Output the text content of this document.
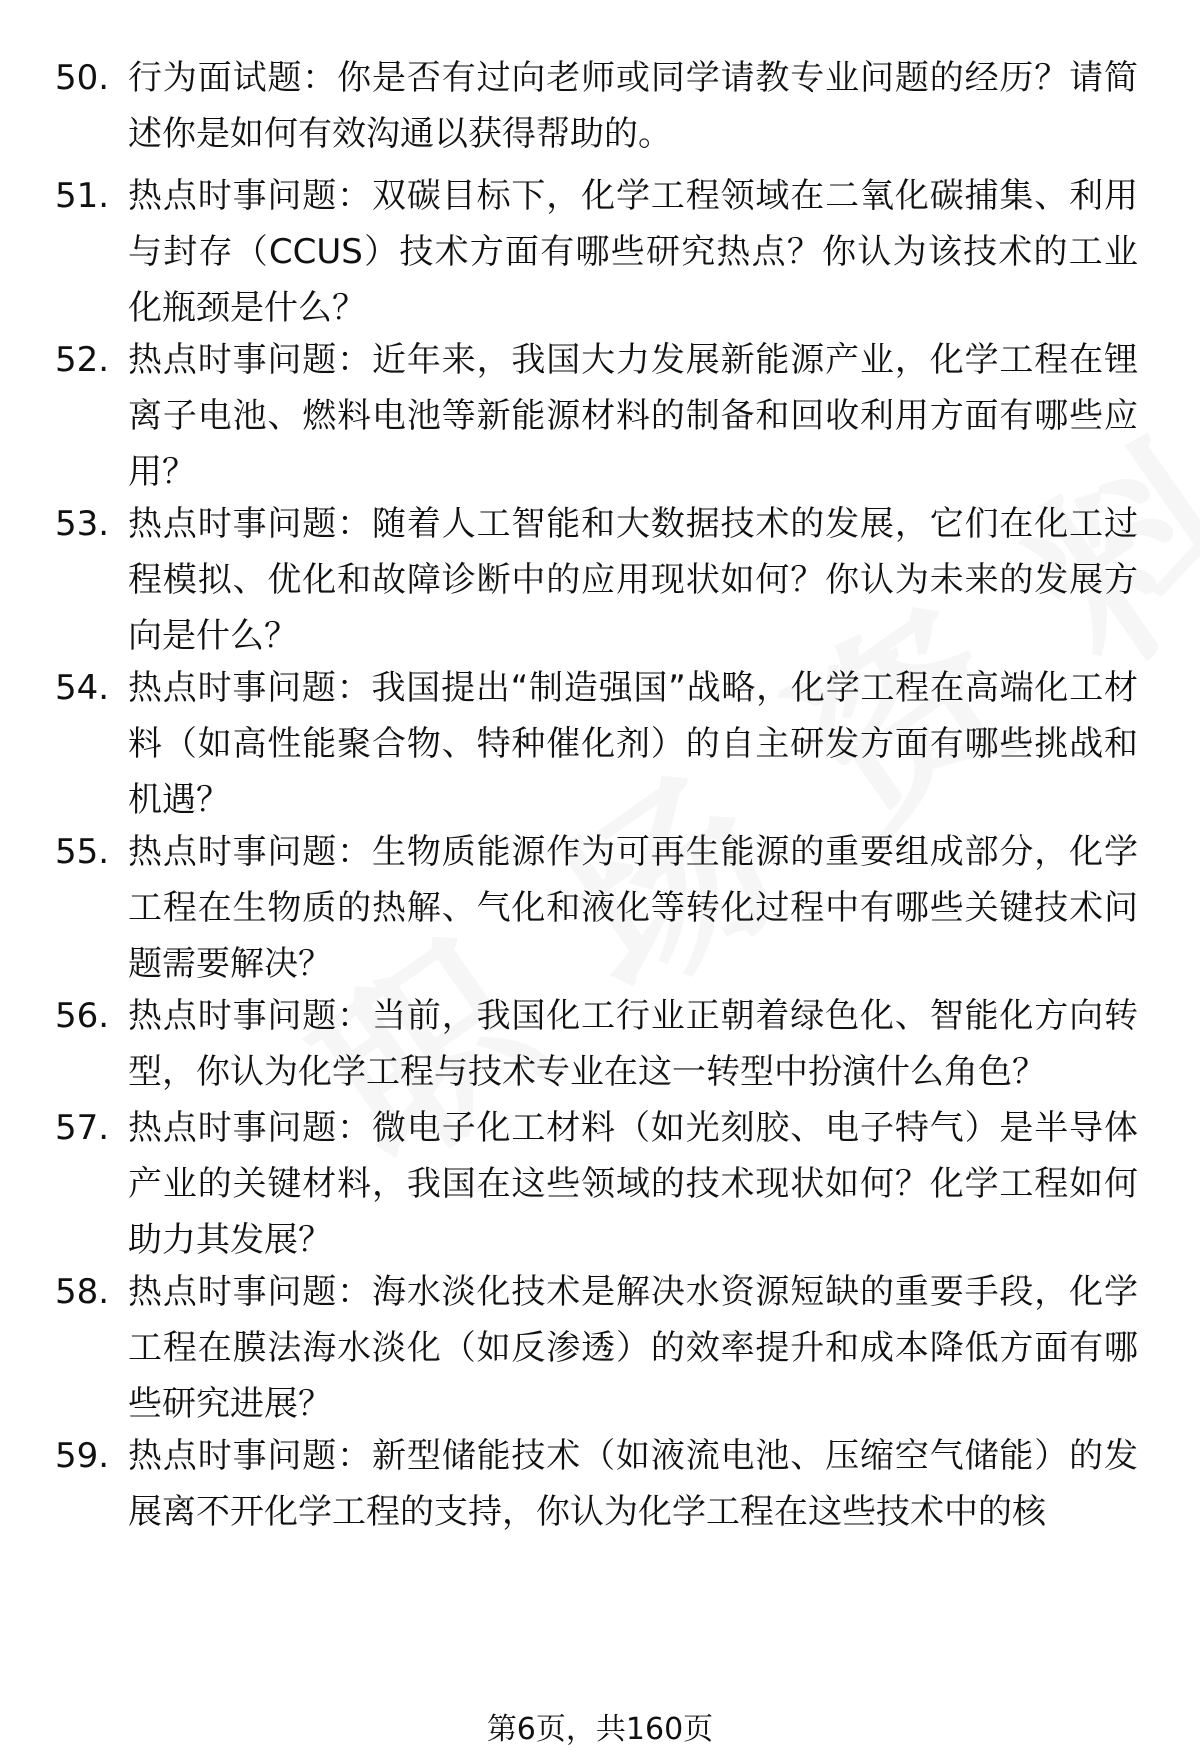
50. 行为面试题：你是否有过向老师或同学请教专业问题的经历？请简述你是如何有效沟通以获得帮助的。
51. 热点时事问题：双碳目标下，化学工程领域在二氧化碳捕集、利用与封存（CCUS）技术方面有哪些研究热点？你认为该技术的工业化瓶颈是什么？
52. 热点时事问题：近年来，我国大力发展新能源产业，化学工程在锂离子电池、燃料电池等新能源材料的制备和回收利用方面有哪些应用？
53. 热点时事问题：随着人工智能和大数据技术的发展，它们在化工过程模拟、优化和故障诊断中的应用现状如何？你认为未来的发展方向是什么？
54. 热点时事问题：我国提出“制造强国”战略，化学工程在高端化工材料（如高性能聚合物、特种催化剂）的自主研发方面有哪些挑战和机遇？
55. 热点时事问题：生物质能源作为可再生能源的重要组成部分，化学工程在生物质的热解、气化和液化等转化过程中有哪些关键技术问题需要解决？
56. 热点时事问题：当前，我国化工行业正朝着绿色化、智能化方向转型，你认为化学工程与技术专业在这一转型中扮演什么角色？
57. 热点时事问题：微电子化工材料（如光刻胶、电子特气）是半导体产业的关键材料，我国在这些领域的技术现状如何？化学工程如何助力其发展？
58. 热点时事问题：海水淡化技术是解决水资源短缺的重要手段，化学工程在膜法海水淡化（如反渗透）的效率提升和成本降低方面有哪些研究进展？
59. 热点时事问题：新型储能技术（如液流电池、压缩空气储能）的发展离不开化学工程的支持，你认为化学工程在这些技术中的核
第6页，共160页
